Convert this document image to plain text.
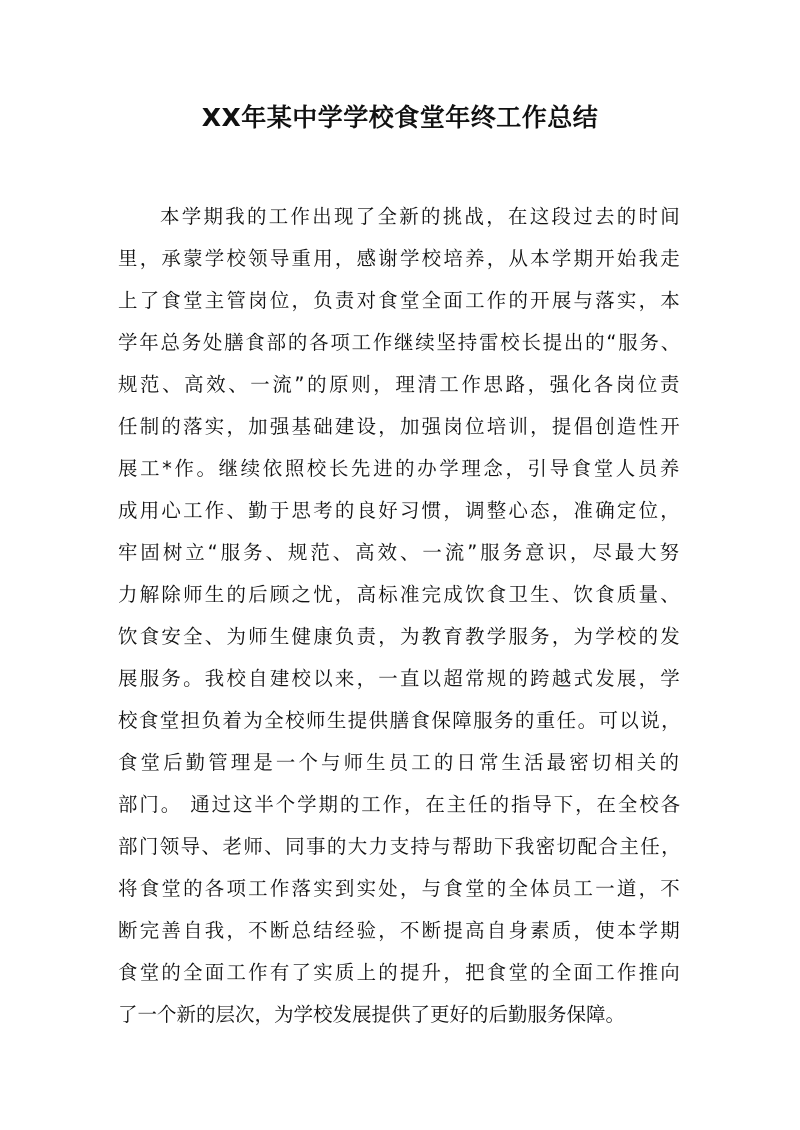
XX年某中学学校食堂年终工作总结
本学期我的工作出现了全新的挑战，在这段过去的时间
里，承蒙学校领导重用，感谢学校培养，从本学期开始我走
上了食堂主管岗位，负责对食堂全面工作的开展与落实，本
学年总务处膳食部的各项工作继续坚持雷校长提出的“服务、
规范、高效、一流”的原则，理清工作思路，强化各岗位责
任制的落实，加强基础建设，加强岗位培训，提倡创造性开
展工*作。继续依照校长先进的办学理念，引导食堂人员养
成用心工作、勤于思考的良好习惯，调整心态，准确定位，
牢固树立“服务、规范、高效、一流”服务意识，尽最大努
力解除师生的后顾之忧，高标准完成饮食卫生、饮食质量、
饮食安全、为师生健康负责，为教育教学服务，为学校的发
展服务。我校自建校以来，一直以超常规的跨越式发展，学
校食堂担负着为全校师生提供膳食保障服务的重任。可以说，
食堂后勤管理是一个与师生员工的日常生活最密切相关的
部门。 通过这半个学期的工作，在主任的指导下，在全校各
部门领导、老师、同事的大力支持与帮助下我密切配合主任，
将食堂的各项工作落实到实处，与食堂的全体员工一道，不
断完善自我，不断总结经验，不断提高自身素质，使本学期
食堂的全面工作有了实质上的提升，把食堂的全面工作推向
了一个新的层次，为学校发展提供了更好的后勤服务保障。
